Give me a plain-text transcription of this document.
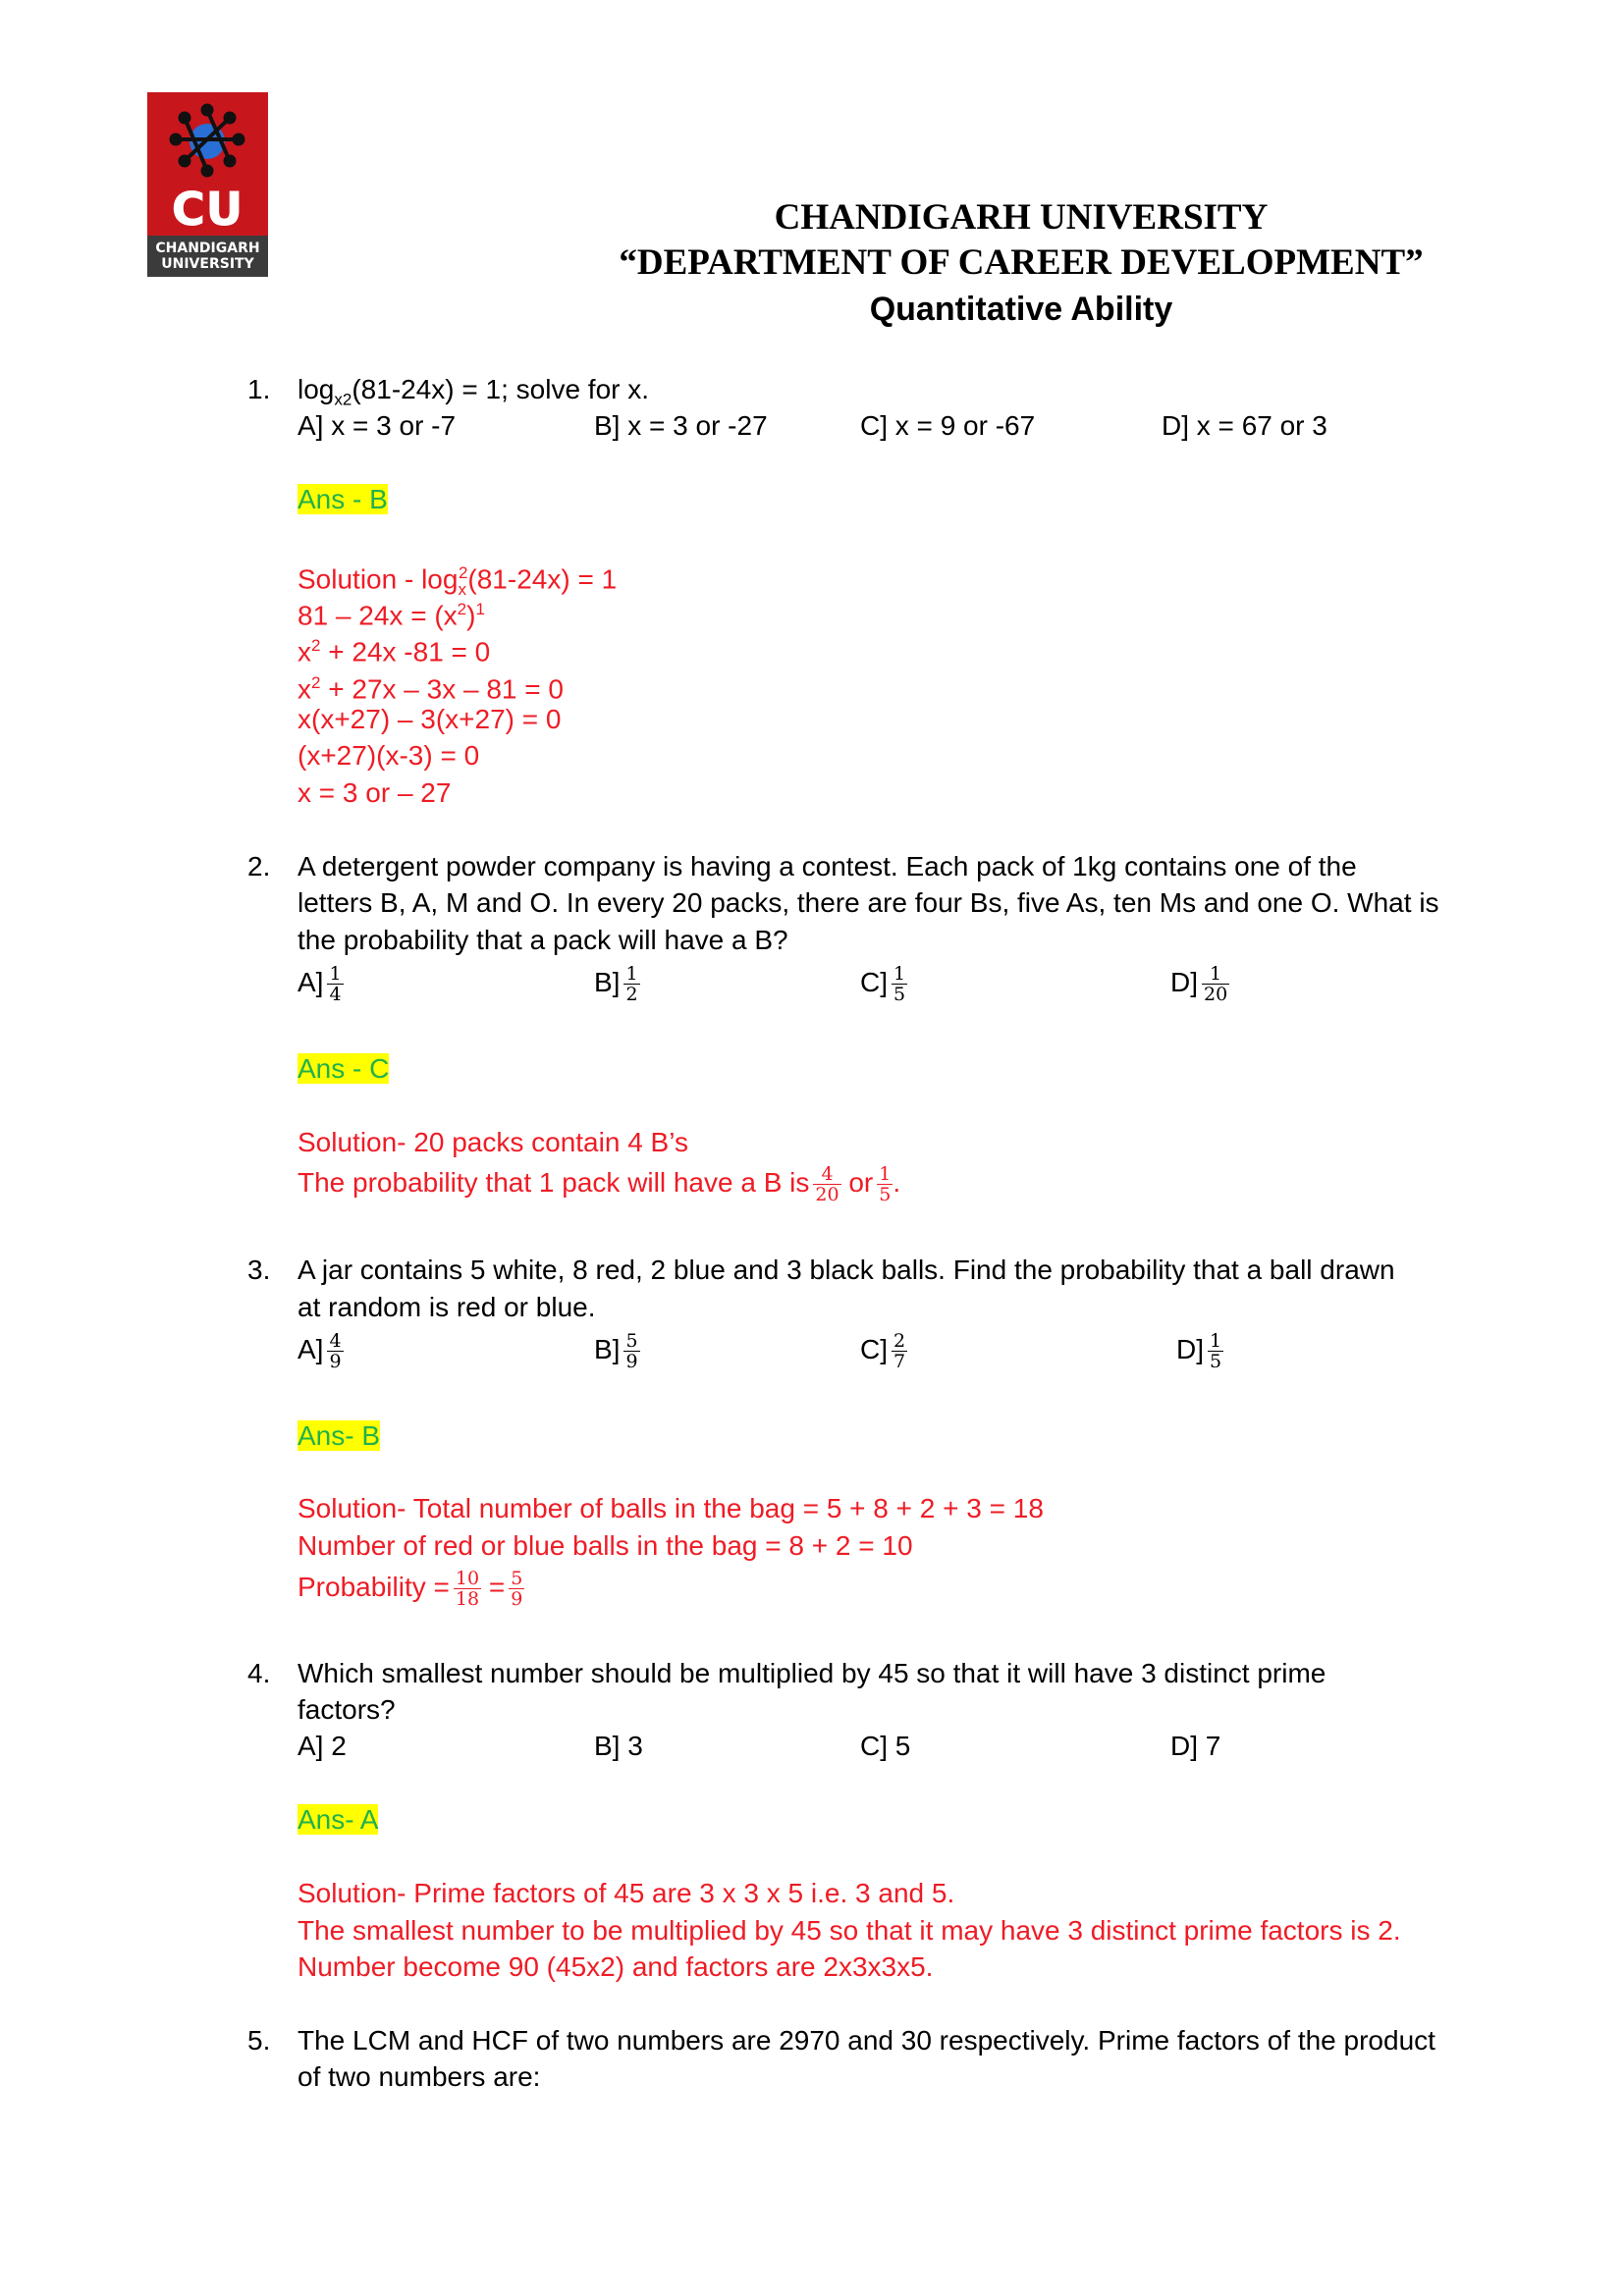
CU
CHANDIGARH UNIVERSITY
CHANDIGARH UNIVERSITY
“DEPARTMENT OF CAREER DEVELOPMENT”
Quantitative Ability
1. $\log_{x2}(81-24x) = 1$; solve for x.
A] x = 3 or -7	B] x = 3 or -27	C] x = 9 or -67	D] x = 67 or 3
Ans - B
Solution - $\log_x^2(81-24x) = 1$
$81 - 24x = (x^2)^1$
$x^2 + 24x$ -81 = 0
$x^2 + 27x - 3x - 81 = 0$
x(x+27) – 3(x+27) = 0
(x+27)(x-3) = 0
x = 3 or – 27
2. A detergent powder company is having a contest. Each pack of 1kg contains one of the
letters B, A, M and O. In every 20 packs, there are four Bs, five As, ten Ms and one O. What is
the probability that a pack will have a B?
$A] \frac{1}{4}$	$B] \frac{1}{2}$	$C] \frac{1}{5}$	$D] \frac{1}{20}$
Ans - C
Solution- 20 packs contain 4 B’s
The probability that 1 pack will have a B is $\frac{4}{20}$ or $\frac{1}{5}$ .
3. A jar contains 5 white, 8 red, 2 blue and 3 black balls. Find the probability that a ball drawn
at random is red or blue.
$A] \frac{4}{9}$	$B] \frac{5}{9}$	$C] \frac{2}{7}$	$D] \frac{1}{5}$
Ans- B
Solution- Total number of balls in the bag = 5 + 8 + 2 + 3 = 18
Number of red or blue balls in the bag = 8 + 2 = 10
Probability = $\frac{10}{18} = \frac{5}{9}$
4. Which smallest number should be multiplied by 45 so that it will have 3 distinct prime
factors?
A] 2	B] 3	C] 5	D] 7
Ans- A
Solution- Prime factors of 45 are 3 x 3 x 5 i.e. 3 and 5.
The smallest number to be multiplied by 45 so that it may have 3 distinct prime factors is 2.
Number become 90 (45x2) and factors are 2x3x3x5.
5. The LCM and HCF of two numbers are 2970 and 30 respectively. Prime factors of the product
of two numbers are:
